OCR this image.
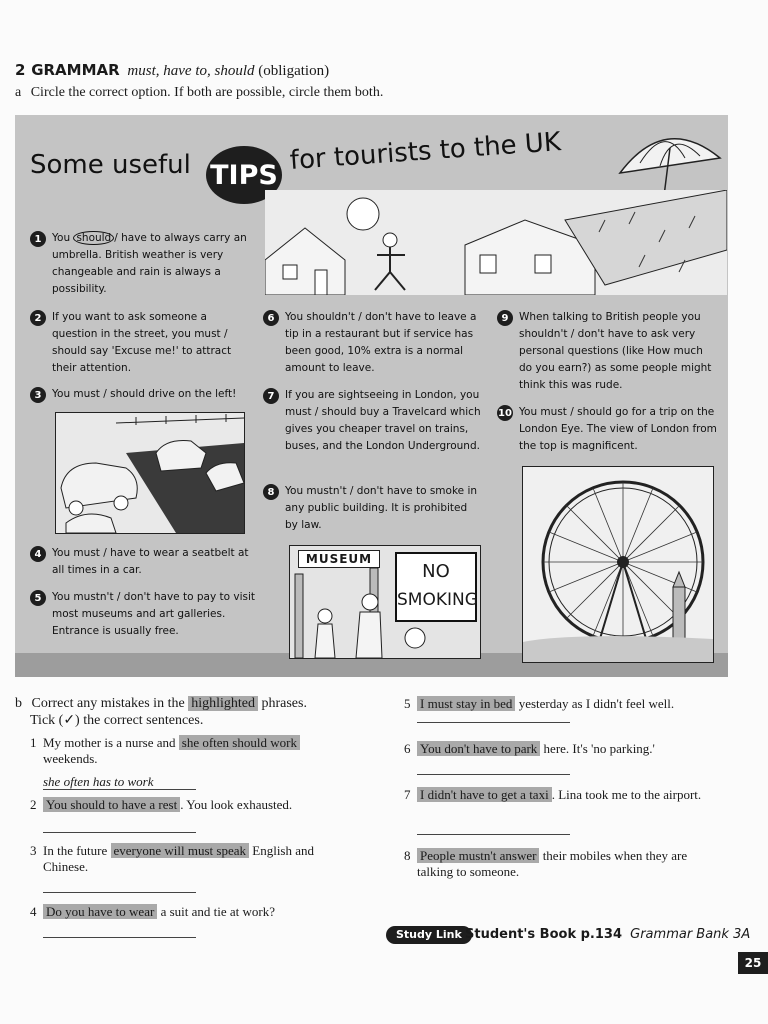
2 GRAMMAR must, have to, should (obligation)
a Circle the correct option. If both are possible, circle them both.
Some useful TIPS for tourists to the UK
1	You should / have to always carry an umbrella. British weather is very changeable and rain is always a possibility.
2	If you want to ask someone a question in the street, you must / should say 'Excuse me!' to attract their attention.
3	You must / should drive on the left!
4	You must / have to wear a seatbelt at all times in a car.
5	You mustn't / don't have to pay to visit most museums and art galleries. Entrance is usually free.
6	You shouldn't / don't have to leave a tip in a restaurant but if service has been good, 10% extra is a normal amount to leave.
7	If you are sightseeing in London, you must / should buy a Travelcard which gives you cheaper travel on trains, buses, and the London Underground.
8	You mustn't / don't have to smoke in any public building. It is prohibited by law.
MUSEUM
NO
SMOKING
9	When talking to British people you shouldn't / don't have to ask very personal questions (like How much do you earn?) as some people might think this was rude.
10 You must / should go for a trip on the London Eye. The view of London from the top is magnificent.
b Correct any mistakes in the highlighted phrases.
Tick (✓) the correct sentences.
1 My mother is a nurse and she often should work weekends.
she often has to work
2 You should to have a rest . You look exhausted.
3 In the future everyone will must speak English and Chinese.
4 Do you have to wear a suit and tie at work?
5 I must stay in bed yesterday as I didn't feel well.
6 You don't have to park here. It's 'no parking.'
7 I didn't have to get a taxi . Lina took me to the airport.
8 People mustn't answer their mobiles when they are talking to someone.
Study Link Student's Book p.134 Grammar Bank 3A
25
